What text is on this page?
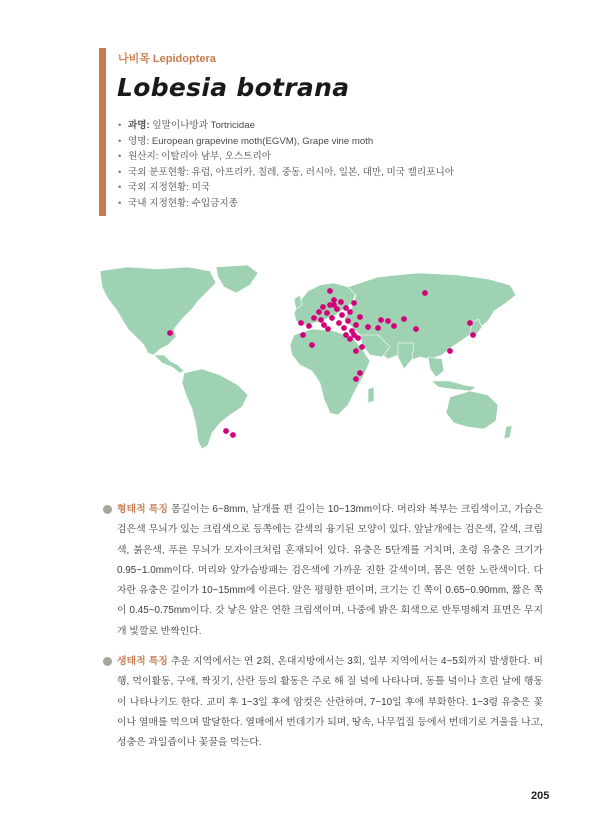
나비목 Lepidoptera
Lobesia botrana
• 과명: 잎말이나방과 Tortricidae
• 영명: European grapevine moth(EGVM), Grape vine moth
• 원산지: 이탈리아 남부, 오스트리아
• 국외 분포현황: 유럽, 아프리카, 칠레, 중동, 러시아, 일본, 대만, 미국 캘리포니아
• 국외 지정현황: 미국
• 국내 지정현황: 수입금지종

형태적 특징 몸길이는 6~8mm, 날개를 편 길이는 10~13mm이다. 머리와 복부는 크림색이고, 가슴은 검은색 무늬가 있는 크림색으로 등쪽에는 갈색의 융기된 모양이 있다. 앞날개에는 검은색, 갈색, 크림색, 붉은색, 푸른 무늬가 모자이크처럼 혼재되어 있다. 유충은 5단계를 거치며, 초령 유충은 크기가 0.95~1.0mm이다. 머리와 앞가슴방패는 검은색에 가까운 진한 갈색이며, 몸은 연한 노란색이다. 다 자란 유충은 길이가 10~15mm에 이른다. 알은 평평한 편이며, 크기는 긴 쪽이 0.65~0.90mm, 짧은 쪽이 0.45~0.75mm이다. 갓 낳은 알은 연한 크림색이며, 나중에 밝은 회색으로 반투명해져 표면은 무지개 빛깔로 반짝인다.

생태적 특징 추운 지역에서는 연 2회, 온대지방에서는 3회, 일부 지역에서는 4~5회까지 발생한다. 비행, 먹이활동, 구애, 짝짓기, 산란 등의 활동은 주로 해 질 녘에 나타나며, 동틀 녘이나 흐린 날에 행동이 나타나기도 한다. 교미 후 1~3일 후에 암컷은 산란하며, 7~10일 후에 부화한다. 1~3령 유충은 꽃이나 열매를 먹으며 발달한다. 열매에서 번데기가 되며, 땅속, 나무껍질 등에서 번데기로 겨울을 나고, 성충은 과일즙이나 꽃꿀을 먹는다.

205
